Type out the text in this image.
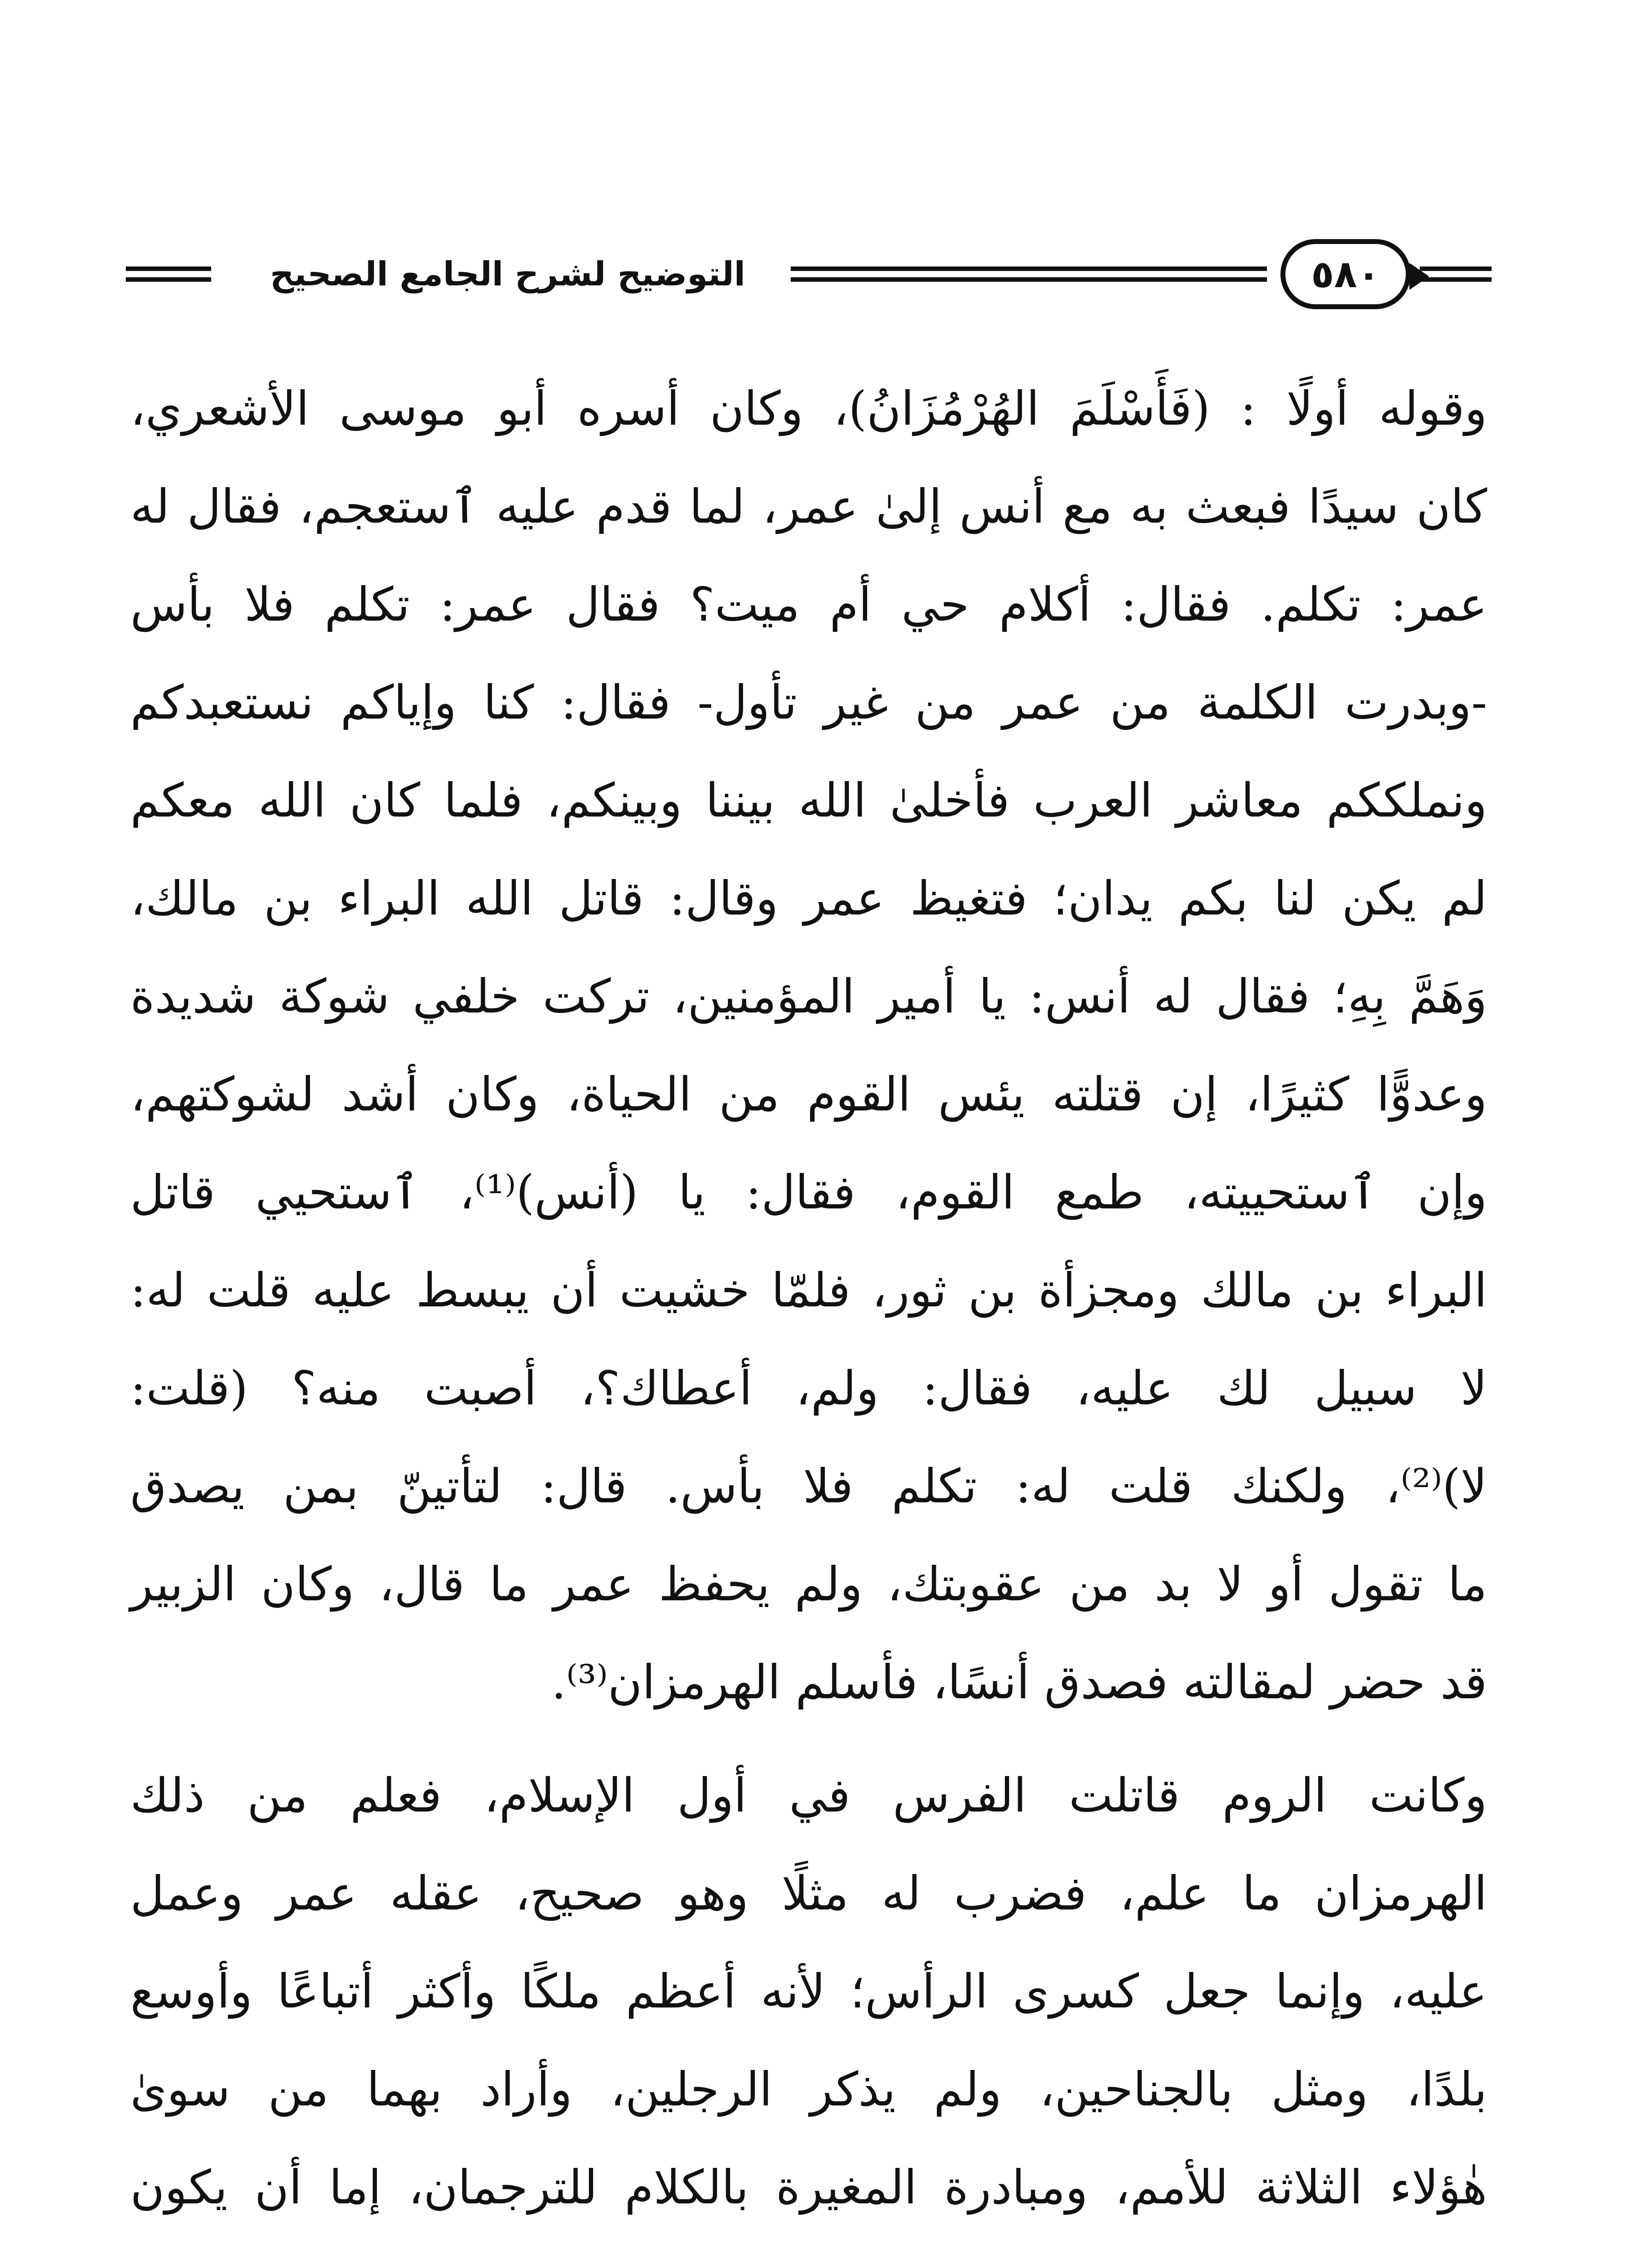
التوضيح لشرح الجامع الصحيح	٥٨٠
وقوله أولًا : (فَأَسْلَمَ الهُرْمُزَانُ)، وكان أسره أبو موسى الأشعري،
كان سيدًا فبعث به مع أنس إلىٰ عمر، لما قدم عليه ٱستعجم، فقال له
عمر: تكلم. فقال: أكلام حي أم ميت؟ فقال عمر: تكلم فلا بأس
-وبدرت الكلمة من عمر من غير تأول- فقال: كنا وإياكم نستعبدكم
ونملككم معاشر العرب فأخلىٰ الله بيننا وبينكم، فلما كان الله معكم
لم يكن لنا بكم يدان؛ فتغيظ عمر وقال: قاتل الله البراء بن مالك،
وَهَمَّ بِهِ؛ فقال له أنس: يا أمير المؤمنين، تركت خلفي شوكة شديدة
وعدوًّا كثيرًا، إن قتلته يئس القوم من الحياة، وكان أشد لشوكتهم،
وإن ٱستحييته، طمع القوم، فقال: يا (أنس)⁽¹⁾، ٱستحيي قاتل
البراء بن مالك ومجزأة بن ثور، فلمّا خشيت أن يبسط عليه قلت له:
لا سبيل لك عليه، فقال: ولم، أعطاك؟، أصبت منه؟ (قلت:
لا)⁽²⁾، ولكنك قلت له: تكلم فلا بأس. قال: لتأتينّ بمن يصدق
ما تقول أو لا بد من عقوبتك، ولم يحفظ عمر ما قال، وكان الزبير
قد حضر لمقالته فصدق أنسًا، فأسلم الهرمزان⁽³⁾.
وكانت الروم قاتلت الفرس في أول الإسلام، فعلم من ذلك
الهرمزان ما علم، فضرب له مثلًا وهو صحيح، عقله عمر وعمل
عليه، وإنما جعل كسرى الرأس؛ لأنه أعظم ملكًا وأكثر أتباعًا وأوسع
بلدًا، ومثل بالجناحين، ولم يذكر الرجلين، وأراد بهما من سوىٰ
هٰؤلاء الثلاثة للأمم، ومبادرة المغيرة بالكلام للترجمان، إما أن يكون
